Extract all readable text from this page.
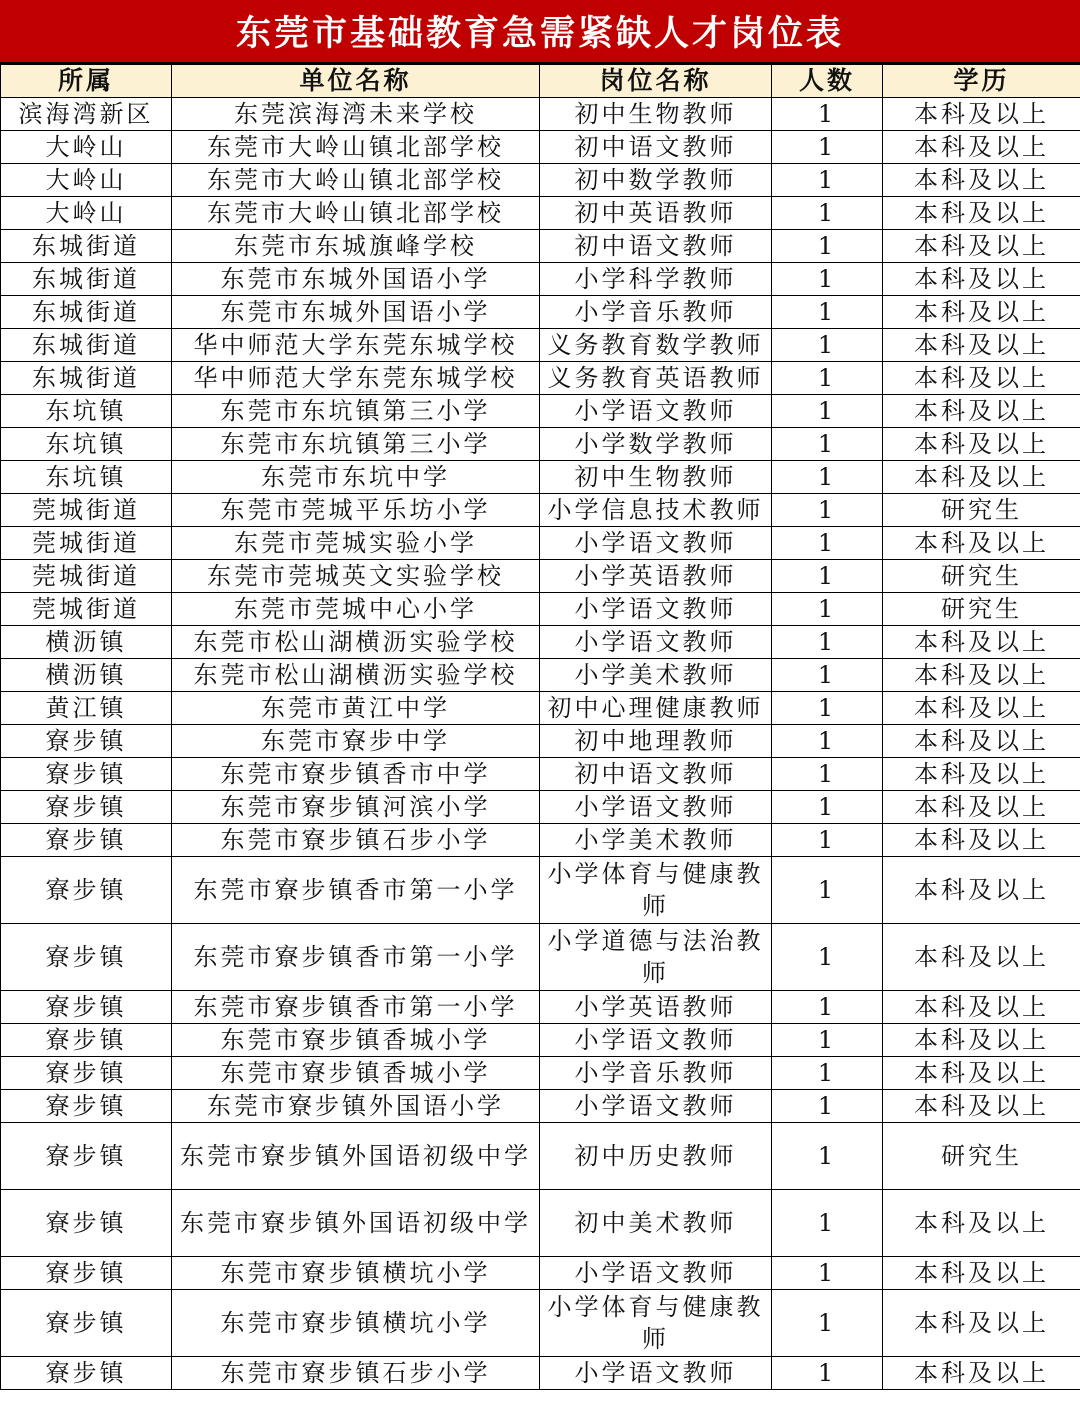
东莞市基础教育急需紧缺人才岗位表
所属	单位名称	岗位名称	人数	学历
滨海湾新区	东莞滨海湾未来学校	初中生物教师	1	本科及以上
大岭山	东莞市大岭山镇北部学校	初中语文教师	1	本科及以上
大岭山	东莞市大岭山镇北部学校	初中数学教师	1	本科及以上
大岭山	东莞市大岭山镇北部学校	初中英语教师	1	本科及以上
东城街道	东莞市东城旗峰学校	初中语文教师	1	本科及以上
东城街道	东莞市东城外国语小学	小学科学教师	1	本科及以上
东城街道	东莞市东城外国语小学	小学音乐教师	1	本科及以上
东城街道	华中师范大学东莞东城学校	义务教育数学教师	1	本科及以上
东城街道	华中师范大学东莞东城学校	义务教育英语教师	1	本科及以上
东坑镇	东莞市东坑镇第三小学	小学语文教师	1	本科及以上
东坑镇	东莞市东坑镇第三小学	小学数学教师	1	本科及以上
东坑镇	东莞市东坑中学	初中生物教师	1	本科及以上
莞城街道	东莞市莞城平乐坊小学	小学信息技术教师	1	研究生
莞城街道	东莞市莞城实验小学	小学语文教师	1	本科及以上
莞城街道	东莞市莞城英文实验学校	小学英语教师	1	研究生
莞城街道	东莞市莞城中心小学	小学语文教师	1	研究生
横沥镇	东莞市松山湖横沥实验学校	小学语文教师	1	本科及以上
横沥镇	东莞市松山湖横沥实验学校	小学美术教师	1	本科及以上
黄江镇	东莞市黄江中学	初中心理健康教师	1	本科及以上
寮步镇	东莞市寮步中学	初中地理教师	1	本科及以上
寮步镇	东莞市寮步镇香市中学	初中语文教师	1	本科及以上
寮步镇	东莞市寮步镇河滨小学	小学语文教师	1	本科及以上
寮步镇	东莞市寮步镇石步小学	小学美术教师	1	本科及以上
寮步镇	东莞市寮步镇香市第一小学	小学体育与健康教师	1	本科及以上
寮步镇	东莞市寮步镇香市第一小学	小学道德与法治教师	1	本科及以上
寮步镇	东莞市寮步镇香市第一小学	小学英语教师	1	本科及以上
寮步镇	东莞市寮步镇香城小学	小学语文教师	1	本科及以上
寮步镇	东莞市寮步镇香城小学	小学音乐教师	1	本科及以上
寮步镇	东莞市寮步镇外国语小学	小学语文教师	1	本科及以上
寮步镇	东莞市寮步镇外国语初级中学	初中历史教师	1	研究生
寮步镇	东莞市寮步镇外国语初级中学	初中美术教师	1	本科及以上
寮步镇	东莞市寮步镇横坑小学	小学语文教师	1	本科及以上
寮步镇	东莞市寮步镇横坑小学	小学体育与健康教师	1	本科及以上
寮步镇	东莞市寮步镇石步小学	小学语文教师	1	本科及以上
